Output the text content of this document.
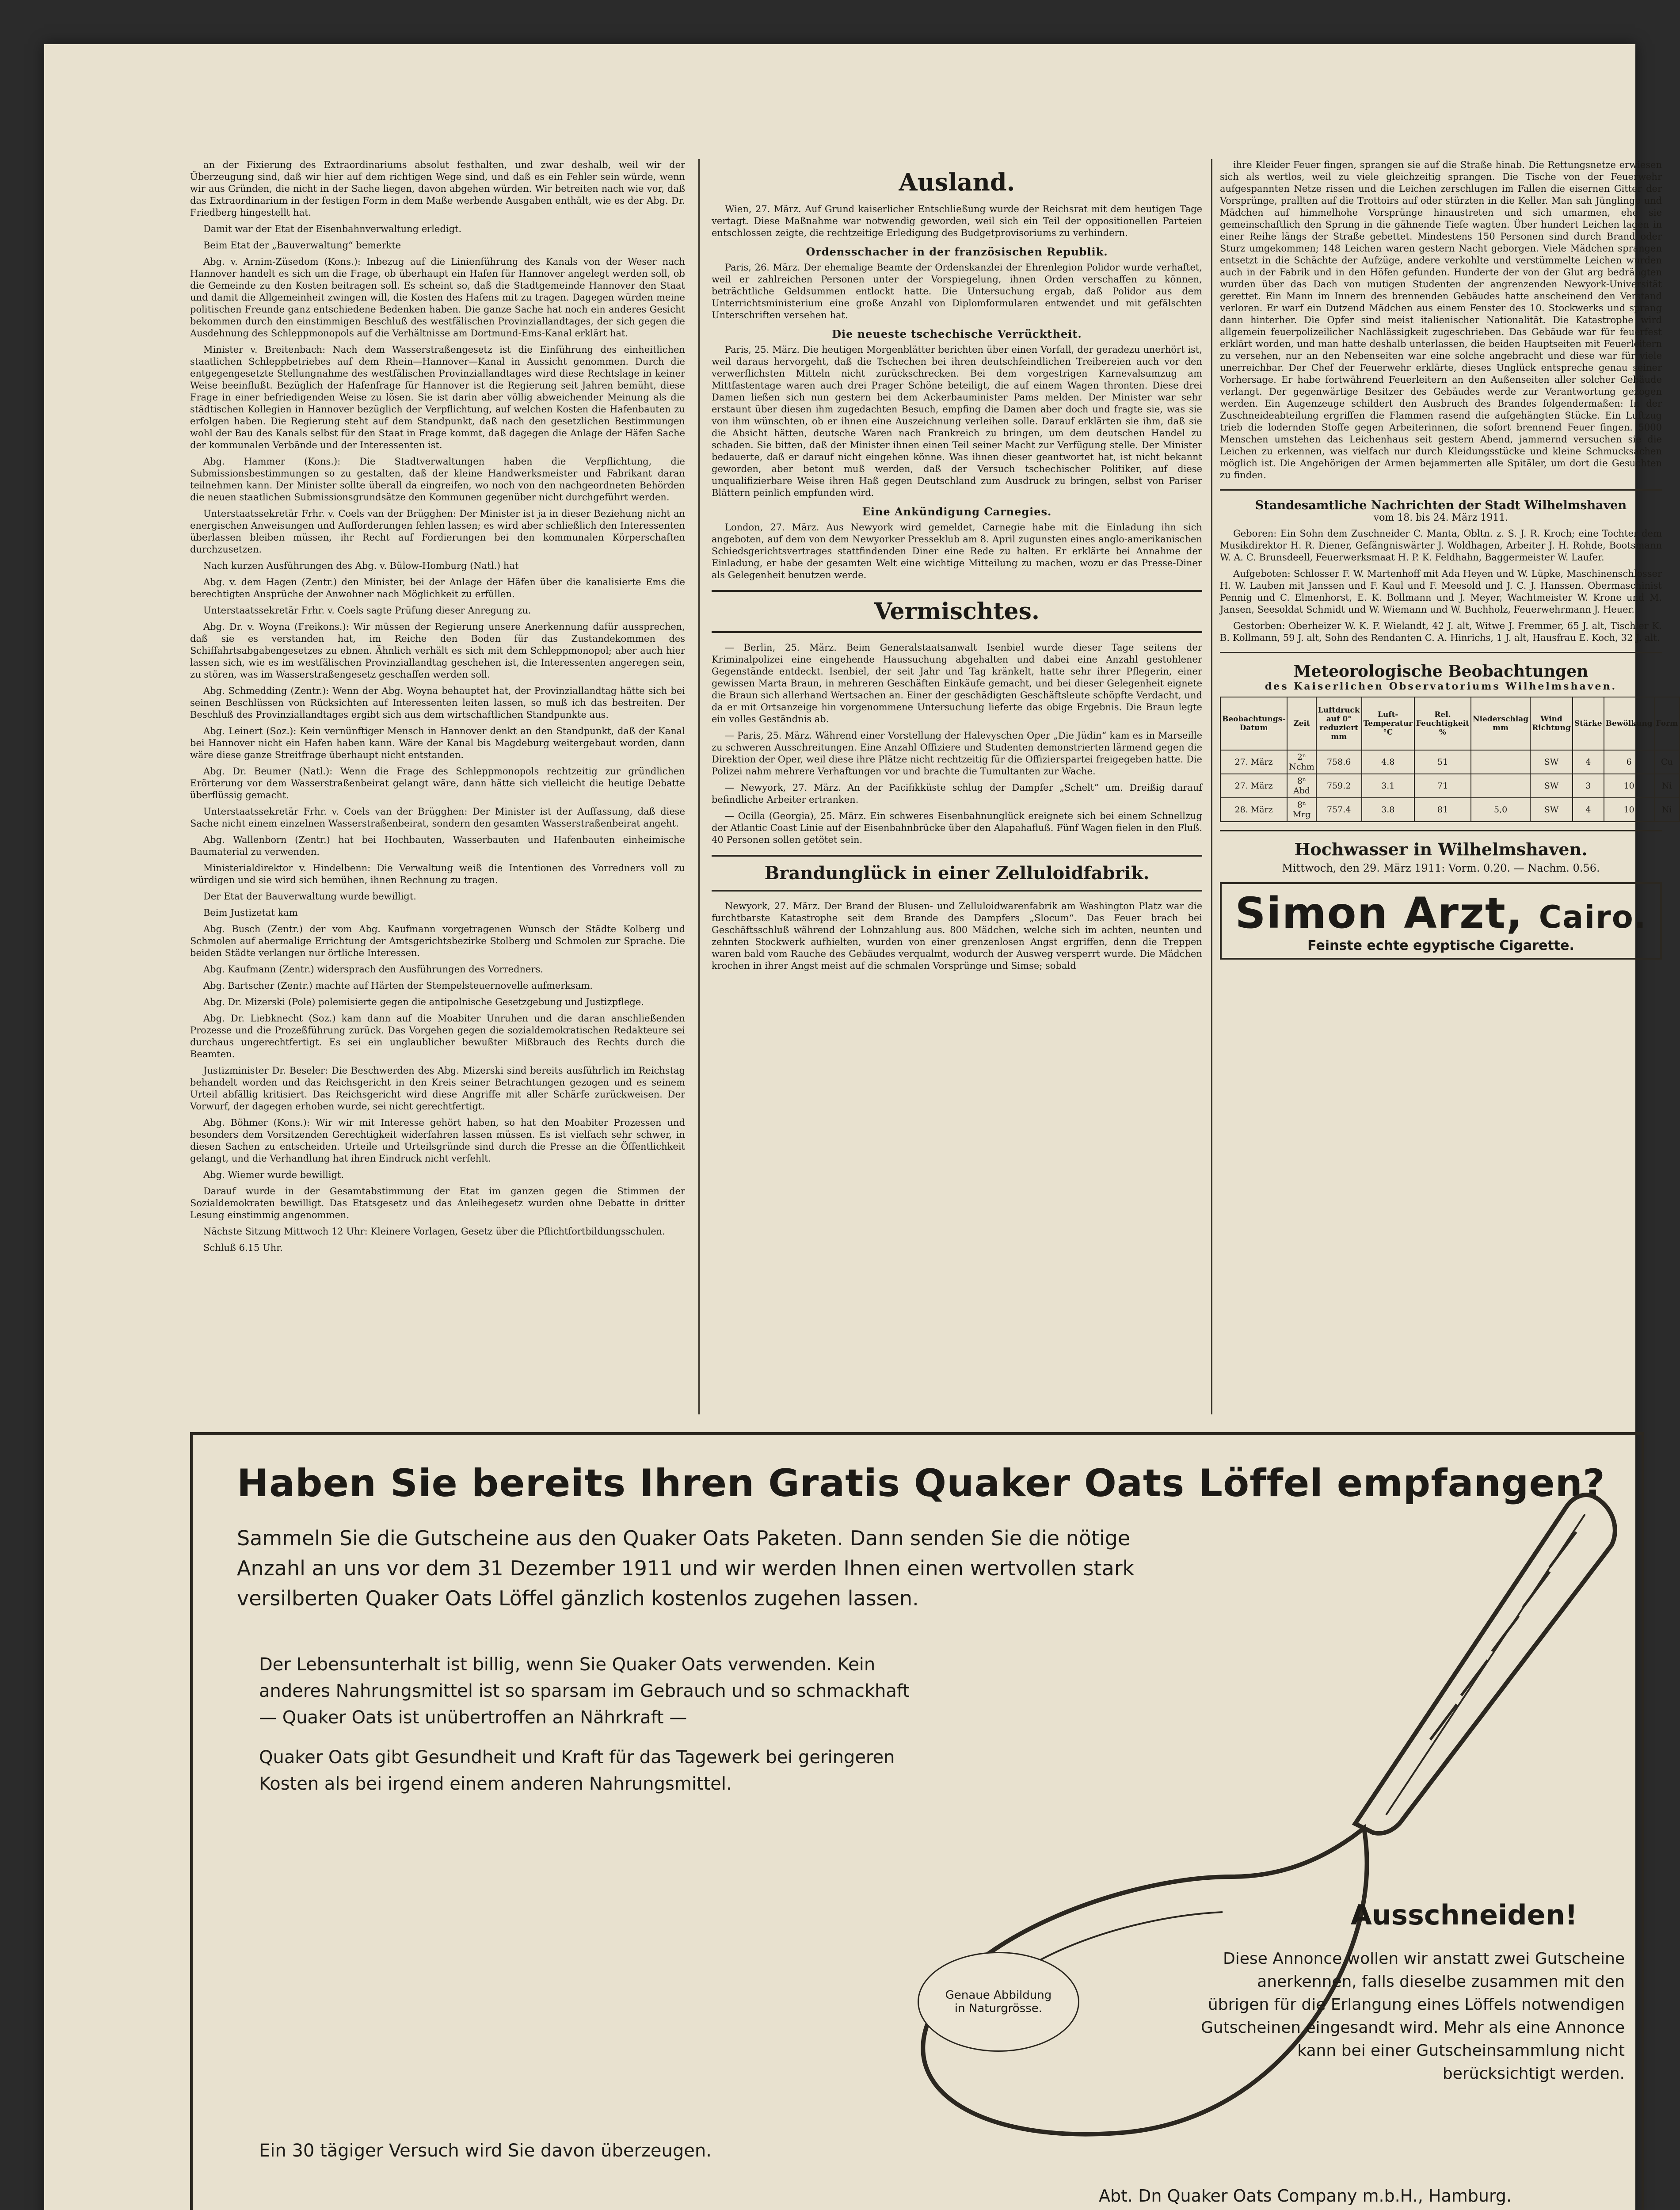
an der Fixierung des Extraordinariums absolut festhalten, und zwar deshalb, weil wir der Überzeugung sind, daß wir hier auf dem richtigen Wege sind, und daß es ein Fehler sein würde, wenn wir aus Gründen, die nicht in der Sache liegen, davon abgehen würden. Wir betreiten nach wie vor, daß das Extraordinarium in der festigen Form in dem Maße werbende Ausgaben enthält, wie es der Abg. Dr. Friedberg hingestellt hat.

Damit war der Etat der Eisenbahnverwaltung erledigt.

Beim Etat der „Bauverwaltung“ bemerkte

Abg. v. Arnim-Züsedom (Kons.): Inbezug auf die Linienführung des Kanals von der Weser nach Hannover handelt es sich um die Frage, ob überhaupt ein Hafen für Hannover angelegt werden soll, ob die Gemeinde zu den Kosten beitragen soll. Es scheint so, daß die Stadtgemeinde Hannover den Staat und damit die Allgemeinheit zwingen will, die Kosten des Hafens mit zu tragen. Dagegen würden meine politischen Freunde ganz entschiedene Bedenken haben. Die ganze Sache hat noch ein anderes Gesicht bekommen durch den einstimmigen Beschluß des westfälischen Provinziallandtages, der sich gegen die Ausdehnung des Schleppmonopols auf die Verhältnisse am Dortmund-Ems-Kanal erklärt hat.

Minister v. Breitenbach: Nach dem Wasserstraßengesetz ist die Einführung des einheitlichen staatlichen Schleppbetriebes auf dem Rhein—Hannover—Kanal in Aussicht genommen. Durch die entgegengesetzte Stellungnahme des westfälischen Provinziallandtages wird diese Rechtslage in keiner Weise beeinflußt. Bezüglich der Hafenfrage für Hannover ist die Regierung seit Jahren bemüht, diese Frage in einer befriedigenden Weise zu lösen. Sie ist darin aber völlig abweichender Meinung als die städtischen Kollegien in Hannover bezüglich der Verpflichtung, auf welchen Kosten die Hafenbauten zu erfolgen haben. Die Regierung steht auf dem Standpunkt, daß nach den gesetzlichen Bestimmungen wohl der Bau des Kanals selbst für den Staat in Frage kommt, daß dagegen die Anlage der Häfen Sache der kommunalen Verbände und der Interessenten ist.

Abg. Hammer (Kons.): Die Stadtverwaltungen haben die Verpflichtung, die Submissionsbestimmungen so zu gestalten, daß der kleine Handwerksmeister und Fabrikant daran teilnehmen kann. Der Minister sollte überall da eingreifen, wo noch von den nachgeordneten Behörden die neuen staatlichen Submissionsgrundsätze den Kommunen gegenüber nicht durchgeführt werden.

Unterstaatssekretär Frhr. v. Coels van der Brügghen: Der Minister ist ja in dieser Beziehung nicht an energischen Anweisungen und Aufforderungen fehlen lassen; es wird aber schließlich den Interessenten überlassen bleiben müssen, ihr Recht auf Fordierungen bei den kommunalen Körperschaften durchzusetzen.

Nach kurzen Ausführungen des Abg. v. Bülow-Homburg (Natl.) hat

Abg. v. dem Hagen (Zentr.) den Minister, bei der Anlage der Häfen über die kanalisierte Ems die berechtigten Ansprüche der Anwohner nach Möglichkeit zu erfüllen.

Unterstaatssekretär Frhr. v. Coels sagte Prüfung dieser Anregung zu.

Abg. Dr. v. Woyna (Freikons.): Wir müssen der Regierung unsere Anerkennung dafür aussprechen, daß sie es verstanden hat, im Reiche den Boden für das Zustandekommen des Schiffahrtsabgabengesetzes zu ebnen. Ähnlich verhält es sich mit dem Schleppmonopol; aber auch hier lassen sich, wie es im westfälischen Provinziallandtag geschehen ist, die Interessenten angeregen sein, zu stören, was im Wasserstraßengesetz geschaffen werden soll.

Abg. Schmedding (Zentr.): Wenn der Abg. Woyna behauptet hat, der Provinziallandtag hätte sich bei seinen Beschlüssen von Rücksichten auf Interessenten leiten lassen, so muß ich das bestreiten. Der Beschluß des Provinziallandtages ergibt sich aus dem wirtschaftlichen Standpunkte aus.

Abg. Leinert (Soz.): Kein vernünftiger Mensch in Hannover denkt an den Standpunkt, daß der Kanal bei Hannover nicht ein Hafen haben kann. Wäre der Kanal bis Magdeburg weitergebaut worden, dann wäre diese ganze Streitfrage überhaupt nicht entstanden.

Abg. Dr. Beumer (Natl.): Wenn die Frage des Schleppmonopols rechtzeitig zur gründlichen Erörterung vor dem Wasserstraßenbeirat gelangt wäre, dann hätte sich vielleicht die heutige Debatte überflüssig gemacht.

Unterstaatssekretär Frhr. v. Coels van der Brügghen: Der Minister ist der Auffassung, daß diese Sache nicht einem einzelnen Wasserstraßenbeirat, sondern den gesamten Wasserstraßenbeirat angeht.

Abg. Wallenborn (Zentr.) hat bei Hochbauten, Wasserbauten und Hafenbauten einheimische Baumaterial zu verwenden.

Ministerialdirektor v. Hindelbenn: Die Verwaltung weiß die Intentionen des Vorredners voll zu würdigen und sie wird sich bemühen, ihnen Rechnung zu tragen.

Der Etat der Bauverwaltung wurde bewilligt.

Beim Justizetat kam

Abg. Busch (Zentr.) der vom Abg. Kaufmann vorgetragenen Wunsch der Städte Kolberg und Schmolen auf abermalige Errichtung der Amtsgerichtsbezirke Stolberg und Schmolen zur Sprache. Die beiden Städte verlangen nur örtliche Interessen.

Abg. Kaufmann (Zentr.) widersprach den Ausführungen des Vorredners.

Abg. Bartscher (Zentr.) machte auf Härten der Stempelsteuernovelle aufmerksam.

Abg. Dr. Mizerski (Pole) polemisierte gegen die antipolnische Gesetzgebung und Justizpflege.

Abg. Dr. Liebknecht (Soz.) kam dann auf die Moabiter Unruhen und die daran anschließenden Prozesse und die Prozeßführung zurück. Das Vorgehen gegen die sozialdemokratischen Redakteure sei durchaus ungerechtfertigt. Es sei ein unglaublicher bewußter Mißbrauch des Rechts durch die Beamten.

Justizminister Dr. Beseler: Die Beschwerden des Abg. Mizerski sind bereits ausführlich im Reichstag behandelt worden und das Reichsgericht in den Kreis seiner Betrachtungen gezogen und es seinem Urteil abfällig kritisiert. Das Reichsgericht wird diese Angriffe mit aller Schärfe zurückweisen. Der Vorwurf, der dagegen erhoben wurde, sei nicht gerechtfertigt.

Abg. Böhmer (Kons.): Wir wir mit Interesse gehört haben, so hat den Moabiter Prozessen und besonders dem Vorsitzenden Gerechtigkeit widerfahren lassen müssen. Es ist vielfach sehr schwer, in diesen Sachen zu entscheiden. Urteile und Urteilsgründe sind durch die Presse an die Öffentlichkeit gelangt, und die Verhandlung hat ihren Eindruck nicht verfehlt.

Abg. Wiemer wurde bewilligt.

Darauf wurde in der Gesamtabstimmung der Etat im ganzen gegen die Stimmen der Sozialdemokraten bewilligt. Das Etatsgesetz und das Anleihegesetz wurden ohne Debatte in dritter Lesung einstimmig angenommen.

Nächste Sitzung Mittwoch 12 Uhr: Kleinere Vorlagen, Gesetz über die Pflichtfortbildungsschulen.

Schluß 6.15 Uhr.

Ausland.

Wien, 27. März. Auf Grund kaiserlicher Entschließung wurde der Reichsrat mit dem heutigen Tage vertagt. Diese Maßnahme war notwendig geworden, weil sich ein Teil der oppositionellen Parteien entschlossen zeigte, die rechtzeitige Erledigung des Budgetprovisoriums zu verhindern.

Ordensschacher in der französischen Republik.

Paris, 26. März. Der ehemalige Beamte der Ordenskanzlei der Ehrenlegion Polidor wurde verhaftet, weil er zahlreichen Personen unter der Vorspiegelung, ihnen Orden verschaffen zu können, beträchtliche Geldsummen entlockt hatte. Die Untersuchung ergab, daß Polidor aus dem Unterrichtsministerium eine große Anzahl von Diplomformularen entwendet und mit gefälschten Unterschriften versehen hat.

Die neueste tschechische Verrücktheit.

Paris, 25. März. Die heutigen Morgenblätter berichten über einen Vorfall, der geradezu unerhört ist, weil daraus hervorgeht, daß die Tschechen bei ihren deutschfeindlichen Treibereien auch vor den verwerflichsten Mitteln nicht zurückschrecken. Bei dem vorgestrigen Karnevalsumzug am Mittfastentage waren auch drei Prager Schöne beteiligt, die auf einem Wagen thronten. Diese drei Damen ließen sich nun gestern bei dem Ackerbauminister Pams melden. Der Minister war sehr erstaunt über diesen ihm zugedachten Besuch, empfing die Damen aber doch und fragte sie, was sie von ihm wünschten, ob er ihnen eine Auszeichnung verleihen solle. Darauf erklärten sie ihm, daß sie die Absicht hätten, deutsche Waren nach Frankreich zu bringen, um dem deutschen Handel zu schaden. Sie bitten, daß der Minister ihnen einen Teil seiner Macht zur Verfügung stelle. Der Minister bedauerte, daß er darauf nicht eingehen könne. Was ihnen dieser geantwortet hat, ist nicht bekannt geworden, aber betont muß werden, daß der Versuch tschechischer Politiker, auf diese unqualifizierbare Weise ihren Haß gegen Deutschland zum Ausdruck zu bringen, selbst von Pariser Blättern peinlich empfunden wird.

Eine Ankündigung Carnegies.

London, 27. März. Aus Newyork wird gemeldet, Carnegie habe mit die Einladung ihn sich angeboten, auf dem von dem Newyorker Presseklub am 8. April zugunsten eines anglo-amerikanischen Schiedsgerichtsvertrages stattfindenden Diner eine Rede zu halten. Er erklärte bei Annahme der Einladung, er habe der gesamten Welt eine wichtige Mitteilung zu machen, wozu er das Presse-Diner als Gelegenheit benutzen werde.

Vermischtes.

— Berlin, 25. März. Beim Generalstaatsanwalt Isenbiel wurde dieser Tage seitens der Kriminalpolizei eine eingehende Haussuchung abgehalten und dabei eine Anzahl gestohlener Gegenstände entdeckt. Isenbiel, der seit Jahr und Tag kränkelt, hatte sehr ihrer Pflegerin, einer gewissen Marta Braun, in mehreren Geschäften Einkäufe gemacht, und bei dieser Gelegenheit eignete die Braun sich allerhand Wertsachen an. Einer der geschädigten Geschäftsleute schöpfte Verdacht, und da er mit Ortsanzeige hin vorgenommene Untersuchung lieferte das obige Ergebnis. Die Braun legte ein volles Geständnis ab.

— Paris, 25. März. Während einer Vorstellung der Halevyschen Oper „Die Jüdin“ kam es in Marseille zu schweren Ausschreitungen. Eine Anzahl Offiziere und Studenten demonstrierten lärmend gegen die Direktion der Oper, weil diese ihre Plätze nicht rechtzeitig für die Offizierspartei freigegeben hatte. Die Polizei nahm mehrere Verhaftungen vor und brachte die Tumultanten zur Wache.

— Newyork, 27. März. An der Pacifikküste schlug der Dampfer „Schelt“ um. Dreißig darauf befindliche Arbeiter ertranken.

— Ocilla (Georgia), 25. März. Ein schweres Eisenbahnunglück ereignete sich bei einem Schnellzug der Atlantic Coast Linie auf der Eisenbahnbrücke über den Alapahafluß. Fünf Wagen fielen in den Fluß. 40 Personen sollen getötet sein.

Brandunglück in einer Zelluloidfabrik.

Newyork, 27. März. Der Brand der Blusen- und Zelluloidwarenfabrik am Washington Platz war die furchtbarste Katastrophe seit dem Brande des Dampfers „Slocum“. Das Feuer brach bei Geschäftsschluß während der Lohnzahlung aus. 800 Mädchen, welche sich im achten, neunten und zehnten Stockwerk aufhielten, wurden von einer grenzenlosen Angst ergriffen, denn die Treppen waren bald vom Rauche des Gebäudes verqualmt, wodurch der Ausweg versperrt wurde. Die Mädchen krochen in ihrer Angst meist auf die schmalen Vorsprünge und Simse; sobald

ihre Kleider Feuer fingen, sprangen sie auf die Straße hinab. Die Rettungsnetze erwiesen sich als wertlos, weil zu viele gleichzeitig sprangen. Die Tische von der Feuerwehr aufgespannten Netze rissen und die Leichen zerschlugen im Fallen die eisernen Gitter der Vorsprünge, prallten auf die Trottoirs auf oder stürzten in die Keller. Man sah Jünglinge und Mädchen auf himmelhohe Vorsprünge hinaustreten und sich umarmen, ehe sie gemeinschaftlich den Sprung in die gähnende Tiefe wagten. Über hundert Leichen lagen in einer Reihe längs der Straße gebettet. Mindestens 150 Personen sind durch Brand oder Sturz umgekommen; 148 Leichen waren gestern Nacht geborgen. Viele Mädchen sprangen entsetzt in die Schächte der Aufzüge, andere verkohlte und verstümmelte Leichen wurden auch in der Fabrik und in den Höfen gefunden. Hunderte der von der Glut arg bedrängten wurden über das Dach von mutigen Studenten der angrenzenden Newyork-Universität gerettet. Ein Mann im Innern des brennenden Gebäudes hatte anscheinend den Verstand verloren. Er warf ein Dutzend Mädchen aus einem Fenster des 10. Stockwerks und sprang dann hinterher. Die Opfer sind meist italienischer Nationalität. Die Katastrophe wird allgemein feuerpolizeilicher Nachlässigkeit zugeschrieben. Das Gebäude war für feuerfest erklärt worden, und man hatte deshalb unterlassen, die beiden Hauptseiten mit Feuerleitern zu versehen, nur an den Nebenseiten war eine solche angebracht und diese war für viele unerreichbar. Der Chef der Feuerwehr erklärte, dieses Unglück entspreche genau seiner Vorhersage. Er habe fortwährend Feuerleitern an den Außenseiten aller solcher Gebäude verlangt. Der gegenwärtige Besitzer des Gebäudes werde zur Verantwortung gezogen werden. Ein Augenzeuge schildert den Ausbruch des Brandes folgendermaßen: In der Zuschneideabteilung ergriffen die Flammen rasend die aufgehängten Stücke. Ein Luftzug trieb die lodernden Stoffe gegen Arbeiterinnen, die sofort brennend Feuer fingen. 5000 Menschen umstehen das Leichenhaus seit gestern Abend, jammernd versuchen sie die Leichen zu erkennen, was vielfach nur durch Kleidungsstücke und kleine Schmucksachen möglich ist. Die Angehörigen der Armen bejammerten alle Spitäler, um dort die Gesuchten zu finden.

Standesamtliche Nachrichten der Stadt Wilhelmshaven
vom 18. bis 24. März 1911.

Geboren: Ein Sohn dem Zuschneider C. Manta, Obltn. z. S. J. R. Kroch; eine Tochter dem Musikdirektor H. R. Diener, Gefängniswärter J. Woldhagen, Arbeiter J. H. Rohde, Bootsmann W. A. C. Brunsdeell, Feuerwerksmaat H. P. K. Feldhahn, Baggermeister W. Laufer.

Aufgeboten: Schlosser F. W. Martenhoff mit Ada Heyen und W. Lüpke, Maschinenschlosser H. W. Lauben mit Janssen und F. Kaul und F. Meesold und J. C. J. Hanssen. Obermaschinist Pennig und C. Elmenhorst, E. K. Bollmann und J. Meyer, Wachtmeister W. Krone und M. Jansen, Seesoldat Schmidt und W. Wiemann und W. Buchholz, Feuerwehrmann J. Heuer.

Gestorben: Oberheizer W. K. F. Wielandt, 42 J. alt, Witwe J. Fremmer, 65 J. alt, Tischler K. B. Kollmann, 59 J. alt, Sohn des Rendanten C. A. Hinrichs, 1 J. alt, Hausfrau E. Koch, 32 J. alt.

Meteorologische Beobachtungen
des Kaiserlichen Observatoriums Wilhelmshaven.
Beobachtungs-Datum	Zeit	Luftdruck auf 0° reduziert mm	Luft-Temperatur °C	Rel. Feuchtigkeit %	Niederschlag mm	Wind Richtung	Stärke	Bewölkung	Form
27. März	2ⁿ Nchm	758.6	4.8	51		SW	4	6	Cu
27. März	8ⁿ Abd	759.2	3.1	71		SW	3	10	Ni
28. März	8ⁿ Mrg	757.4	3.8	81	5,0	SW	4	10	Ni
Hochwasser in Wilhelmshaven.
Mittwoch, den 29. März 1911: Vorm. 0.20. — Nachm. 0.56.
Simon Arzt, Cairo.
Feinste echte egyptische Cigarette.
Haben Sie bereits Ihren Gratis Quaker Oats Löffel empfangen?
Sammeln Sie die Gutscheine aus den Quaker Oats Paketen. Dann senden Sie die nötige Anzahl an uns vor dem 31 Dezember 1911 und wir werden Ihnen einen wertvollen stark versilberten Quaker Oats Löffel gänzlich kostenlos zugehen lassen.

Der Lebensunterhalt ist billig, wenn Sie Quaker Oats verwenden. Kein anderes Nahrungsmittel ist so sparsam im Gebrauch und so schmackhaft — Quaker Oats ist unübertroffen an Nährkraft —

Quaker Oats gibt Gesundheit und Kraft für das Tagewerk bei geringeren Kosten als bei irgend einem anderen Nahrungsmittel.

Ein 30 tägiger Versuch wird Sie davon überzeugen.
Genaue Abbildung
in Naturgrösse.
Ausschneiden!
Diese Annonce wollen wir anstatt zwei Gutscheine anerkennen, falls dieselbe zusammen mit den übrigen für die Erlangung eines Löffels notwendigen Gutscheinen eingesandt wird. Mehr als eine Annonce kann bei einer Gutscheinsammlung nicht berücksichtigt werden.
Abt. Dn Quaker Oats Company m.b.H., Hamburg.
